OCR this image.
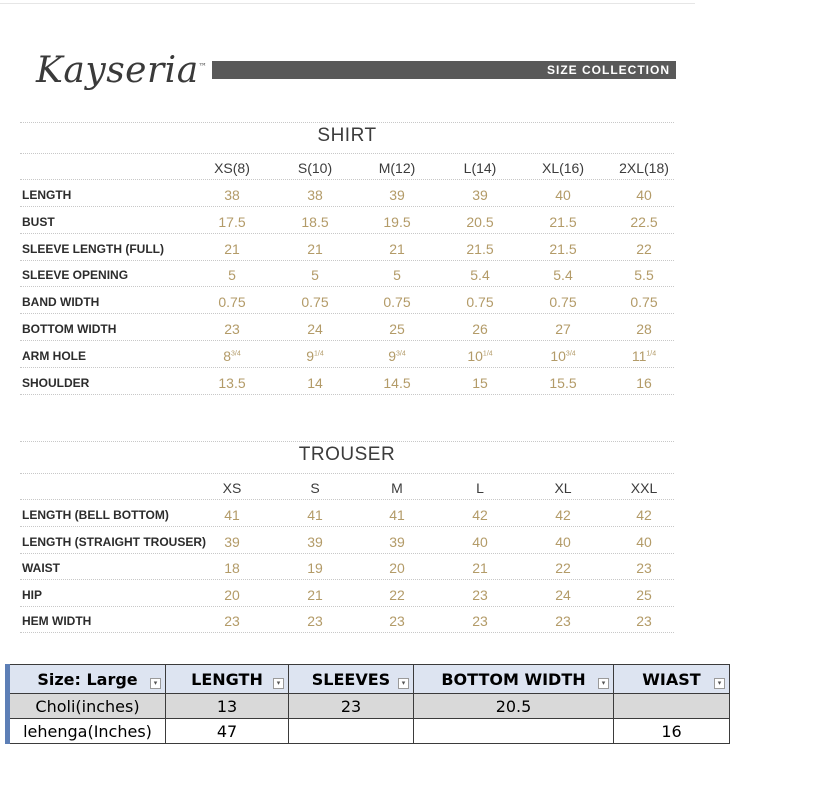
Kayseria™	SIZE COLLECTION
SHIRT
XS(8)	S(10)	M(12)	L(14)	XL(16)	2XL(18)
LENGTH	38	38	39	39	40	40
BUST	17.5	18.5	19.5	20.5	21.5	22.5
SLEEVE LENGTH (FULL)	21	21	21	21.5	21.5	22
SLEEVE OPENING	5	5	5	5.4	5.4	5.5
BAND WIDTH	0.75	0.75	0.75	0.75	0.75	0.75
BOTTOM WIDTH	23	24	25	26	27	28
ARM HOLE	$8^{3/4}$	$9^{1/4}$	$9^{3/4}$	$10^{1/4}$	$10^{3/4}$	$11^{1/4}$
SHOULDER	13.5	14	14.5	15	15.5	16
TROUSER
XS	S	M	L	XL	XXL
LENGTH (BELL BOTTOM)	41	41	41	42	42	42
LENGTH (STRAIGHT TROUSER)	39	39	39	40	40	40
WAIST	18	19	20	21	22	23
HIP	20	21	22	23	24	25
HEM WIDTH	23	23	23	23	23	23
Size: Large ▾	LENGTH ▾	SLEEVES ▾	BOTTOM WIDTH ▾	WIAST ▾

Choli(inches)	13	23	20.5	
lehenga(Inches)	47			16
